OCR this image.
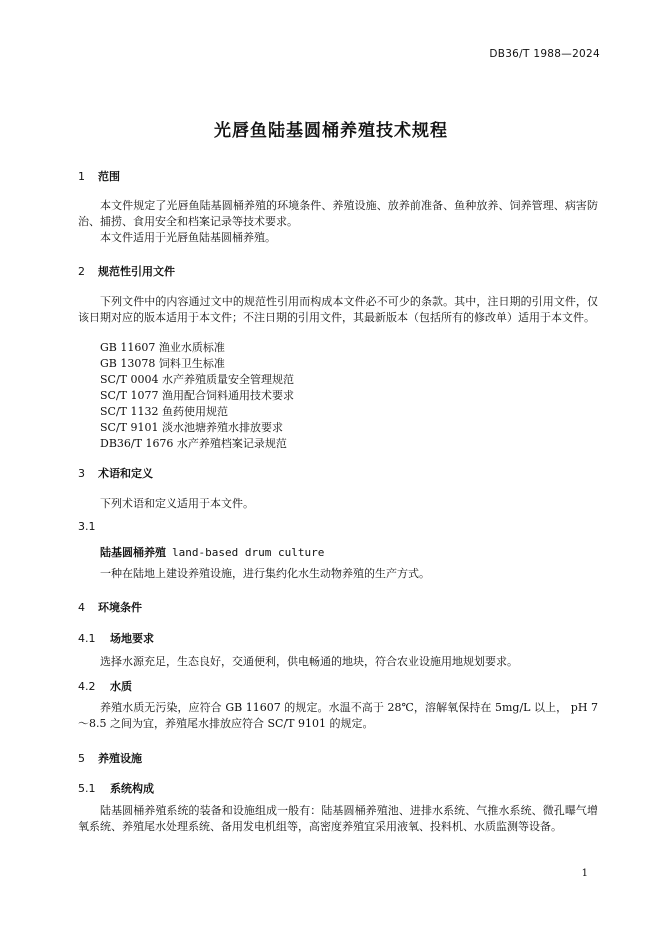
DB36/T 1988—2024
光唇鱼陆基圆桶养殖技术规程
1 范围
本文件规定了光唇鱼陆基圆桶养殖的环境条件、养殖设施、放养前准备、鱼种放养、饲养管理、病害防治、捕捞、食用安全和档案记录等技术要求。
本文件适用于光唇鱼陆基圆桶养殖。
2 规范性引用文件
下列文件中的内容通过文中的规范性引用而构成本文件必不可少的条款。其中，注日期的引用文件，仅该日期对应的版本适用于本文件；不注日期的引用文件，其最新版本（包括所有的修改单）适用于本文件。
GB 11607 渔业水质标准
GB 13078 饲料卫生标准
SC/T 0004 水产养殖质量安全管理规范
SC/T 1077 渔用配合饲料通用技术要求
SC/T 1132 鱼药使用规范
SC/T 9101 淡水池塘养殖水排放要求
DB36/T 1676 水产养殖档案记录规范
3 术语和定义
下列术语和定义适用于本文件。
3.1
陆基圆桶养殖 land-based drum culture
一种在陆地上建设养殖设施，进行集约化水生动物养殖的生产方式。
4 环境条件
4.1 场地要求
选择水源充足，生态良好，交通便利，供电畅通的地块，符合农业设施用地规划要求。
4.2 水质
养殖水质无污染，应符合 GB 11607 的规定。水温不高于 28℃，溶解氧保持在 5mg/L 以上， pH 7～8.5 之间为宜，养殖尾水排放应符合 SC/T 9101 的规定。
5 养殖设施
5.1 系统构成
陆基圆桶养殖系统的装备和设施组成一般有：陆基圆桶养殖池、进排水系统、气推水系统、微孔曝气增氧系统、养殖尾水处理系统、备用发电机组等，高密度养殖宜采用液氧、投料机、水质监测等设备。
1
